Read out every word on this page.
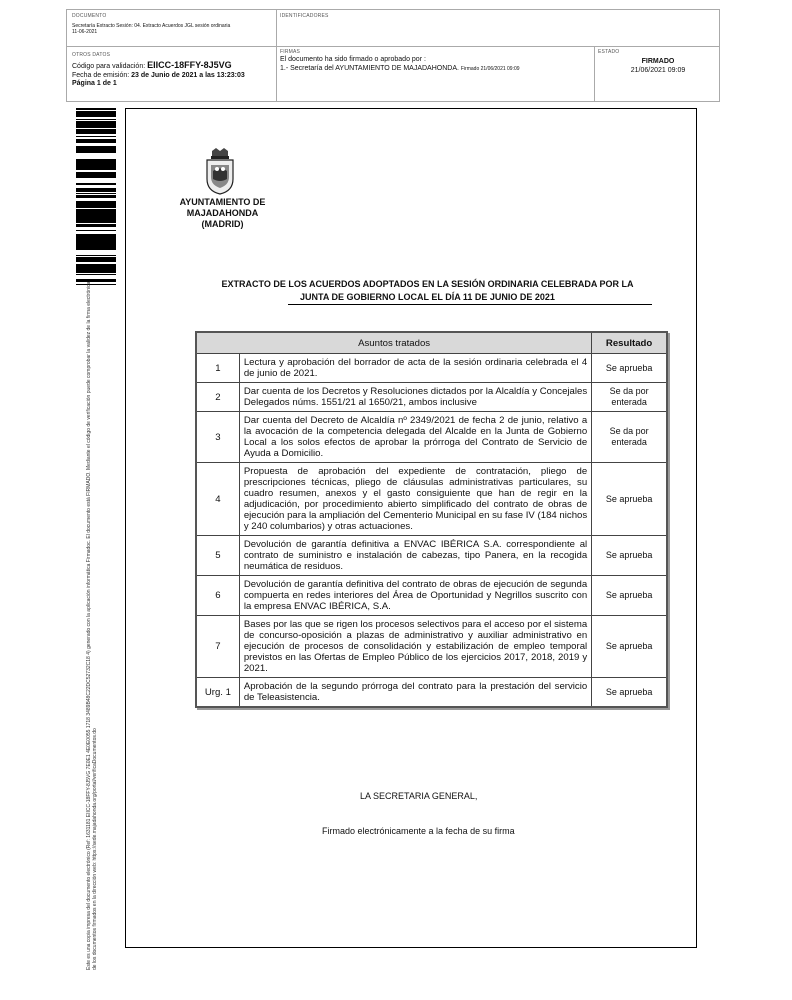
DOCUMENTO
Secretaría Extracto Sesión: 04. Extracto Acuerdos JGL sesión ordinaria 11-06-2021
IDENTIFICADORES
OTROS DATOS
Código para validación: EIICC-18FFY-8J5VG
Fecha de emisión: 23 de Junio de 2021 a las 13:23:03
Página 1 de 1
FIRMAS
El documento ha sido firmado o aprobado por :
1.- Secretaría del AYUNTAMIENTO DE MAJADAHONDA. Firmado 21/06/2021 09:09
ESTADO
FIRMADO
21/06/2021 09:09
Este es una copia impresa del documento electrónico (Ref: 1631181 EIICC-18FFY-8J5VG 7E0E1 4E0E0055 1718 3489B48C22DC52732C18 4) generado con la aplicación informática Firmadoc. El documento está FIRMADO. Mediante el código de verificación puede comprobar la validez de la firma electrónica de los documentos firmados en la dirección web: https://sede.majadahonda.org/portal/verificaDocumentos.do
AYUNTAMIENTO DE
MAJADAHONDA
(MADRID)
EXTRACTO DE LOS ACUERDOS ADOPTADOS EN LA SESIÓN ORDINARIA CELEBRADA POR LA
JUNTA DE GOBIERNO LOCAL EL DÍA 11 DE JUNIO DE 2021
Asuntos tratados		Resultado
1	Lectura y aprobación del borrador de acta de la sesión ordinaria celebrada el 4 de junio de 2021.	Se aprueba
2	Dar cuenta de los Decretos y Resoluciones dictados por la Alcaldía y Concejales Delegados núms. 1551/21 al 1650/21, ambos inclusive	Se da por enterada
3	Dar cuenta del Decreto de Alcaldía nº 2349/2021 de fecha 2 de junio, relativo a la avocación de la competencia delegada del Alcalde en la Junta de Gobierno Local a los solos efectos de aprobar la prórroga del Contrato de Servicio de Ayuda a Domicilio.	Se da por enterada
4	Propuesta de aprobación del expediente de contratación, pliego de prescripciones técnicas, pliego de cláusulas administrativas particulares, su cuadro resumen, anexos y el gasto consiguiente que han de regir en la adjudicación, por procedimiento abierto simplificado del contrato de obras de ejecución para la ampliación del Cementerio Municipal en su fase IV (184 nichos y 240 columbarios) y otras actuaciones.	Se aprueba
5	Devolución de garantía definitiva a ENVAC IBÉRICA S.A. correspondiente al contrato de suministro e instalación de cabezas, tipo Panera, en la recogida neumática de residuos.	Se aprueba
6	Devolución de garantía definitiva del contrato de obras de ejecución de segunda compuerta en redes interiores del Área de Oportunidad y Negrillos suscrito con la empresa ENVAC IBÉRICA, S.A.	Se aprueba
7	Bases por las que se rigen los procesos selectivos para el acceso por el sistema de concurso-oposición a plazas de administrativo y auxiliar administrativo en ejecución de procesos de consolidación y estabilización de empleo temporal previstos en las Ofertas de Empleo Público de los ejercicios 2017, 2018, 2019 y 2021.	Se aprueba
Urg. 1	Aprobación de la segundo prórroga del contrato para la prestación del servicio de Teleasistencia.	Se aprueba
LA SECRETARIA GENERAL,
Firmado electrónicamente a la fecha de su firma
